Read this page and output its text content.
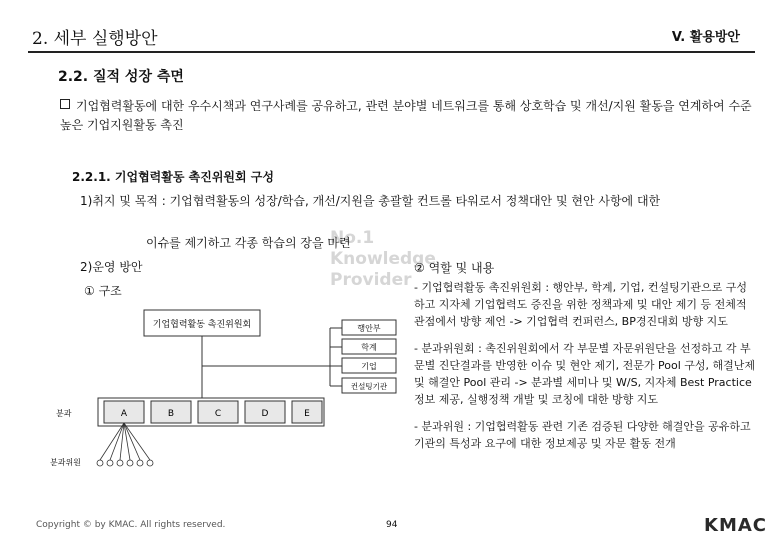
2. 세부 실행방안	V. 활용방안
No.1
Knowledge
Provider
2.2. 질적 성장 측면
기업협력활동에 대한 우수시책과 연구사례를 공유하고, 관련 분야별 네트워크를 통해 상호학습 및 개선/지원 활동을 연계하여 수준 높은 기업지원활동 촉진
2.2.1. 기업협력활동 촉진위원회 구성
1)취지 및 목적 : 기업협력활동의 성장/학습, 개선/지원을 총괄할 컨트롤 타워로서 정책대안 및 현안 사항에 대한
이슈를 제기하고 각종 학습의 장을 마련
2)운영 방안
① 구조
기업협력활동 촉진위원회	행안부
학계
기업
컨설팅기관
A	B	C	D	E
분과
분과위원

② 역할 및 내용

- 기업협력활동 촉진위원회 : 행안부, 학계, 기업, 컨설팅기관으로 구성하고 지자체 기업협력도 증진을 위한 정책과제 및 대안 제기 등 전체적 관점에서 방향 제언 -> 기업협력 컨퍼런스, BP경진대회 방향 지도

- 분과위원회 : 촉진위원회에서 각 부문별 자문위원단을 선정하고 각 부문별 진단결과를 반영한 이슈 및 현안 제기, 전문가 Pool 구성, 해결난제 및 해결안 Pool 관리 -> 분과별 세미나 및 W/S, 지자체 Best Practice 정보 제공, 실행정책 개발 및 코칭에 대한 방향 지도

- 분과위원 : 기업협력활동 관련 기존 검증된 다양한 해결안을 공유하고 기관의 특성과 요구에 대한 정보제공 및 자문 활동 전개

Copyright © by KMAC. All rights reserved.	94	KMAC
